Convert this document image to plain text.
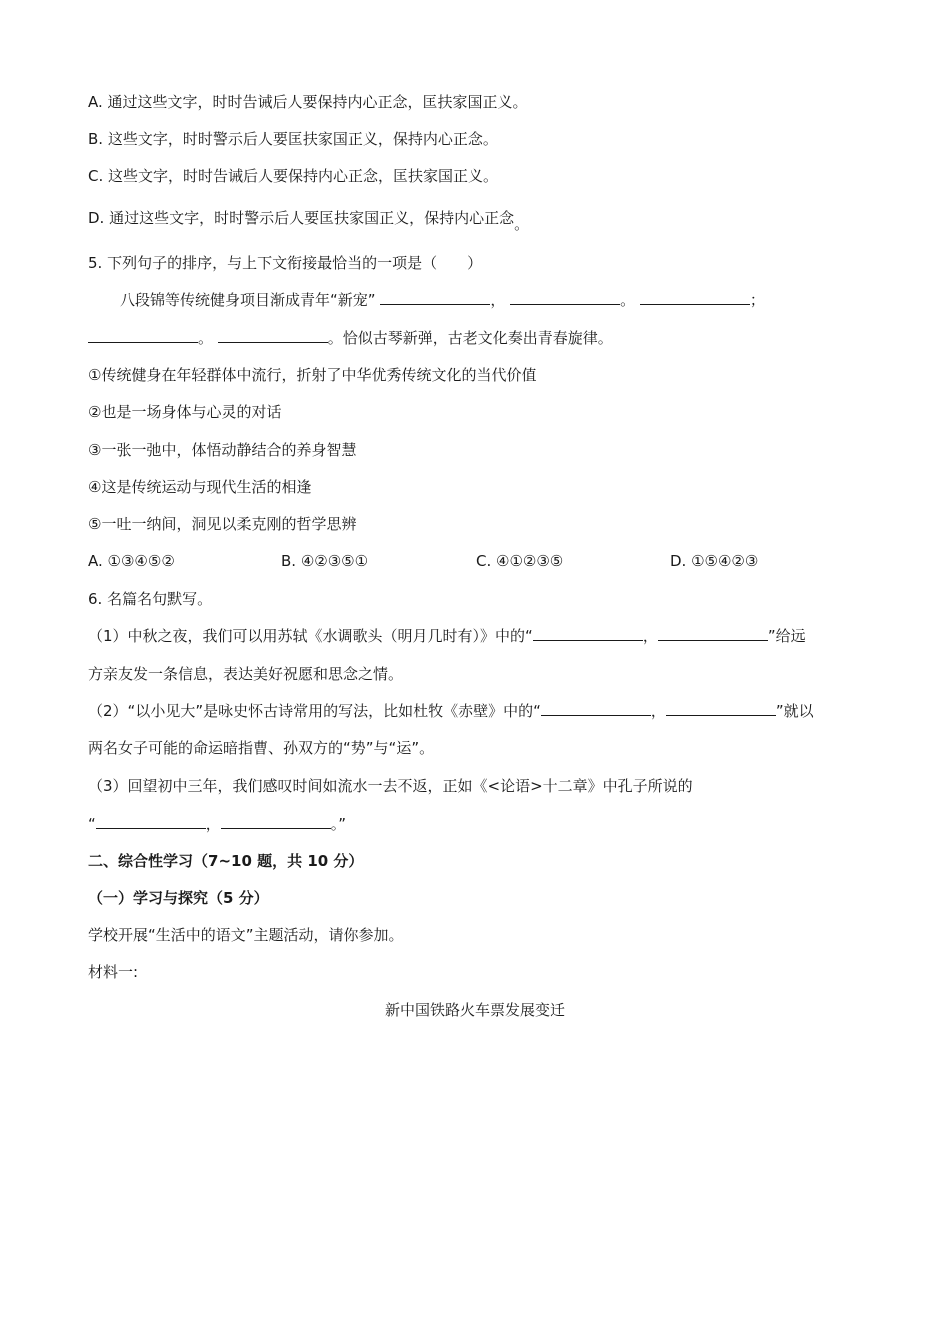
A. 通过这些文字，时时告诫后人要保持内心正念，匡扶家国正义。
B. 这些文字，时时警示后人要匡扶家国正义，保持内心正念。
C. 这些文字，时时告诫后人要保持内心正念，匡扶家国正义。
D. 通过这些文字，时时警示后人要匡扶家国正义，保持内心正念。
5. 下列句子的排序，与上下文衔接最恰当的一项是（　　）
八段锦等传统健身项目渐成青年“新宠”	，	。	；
。	。恰似古琴新弹，古老文化奏出青春旋律。
①传统健身在年轻群体中流行，折射了中华优秀传统文化的当代价值
②也是一场身体与心灵的对话
③一张一弛中，体悟动静结合的养身智慧
④这是传统运动与现代生活的相逢
⑤一吐一纳间，洞见以柔克刚的哲学思辨
A. ①③④⑤②	B. ④②③⑤①	C. ④①②③⑤	D. ①⑤④②③
6. 名篇名句默写。
（1）中秋之夜，我们可以用苏轼《水调歌头（明月几时有）》中的“	，	”给远
方亲友发一条信息，表达美好祝愿和思念之情。
（2）“以小见大”是咏史怀古诗常用的写法，比如杜牧《赤壁》中的“	，	”就以
两名女子可能的命运暗指曹、孙双方的“势”与“运”。
（3）回望初中三年，我们感叹时间如流水一去不返，正如《<论语>十二章》中孔子所说的
“	，	。”
二、综合性学习（7~10 题，共 10 分）
（一）学习与探究（5 分）
学校开展“生活中的语文”主题活动，请你参加。
材料一:
新中国铁路火车票发展变迁
